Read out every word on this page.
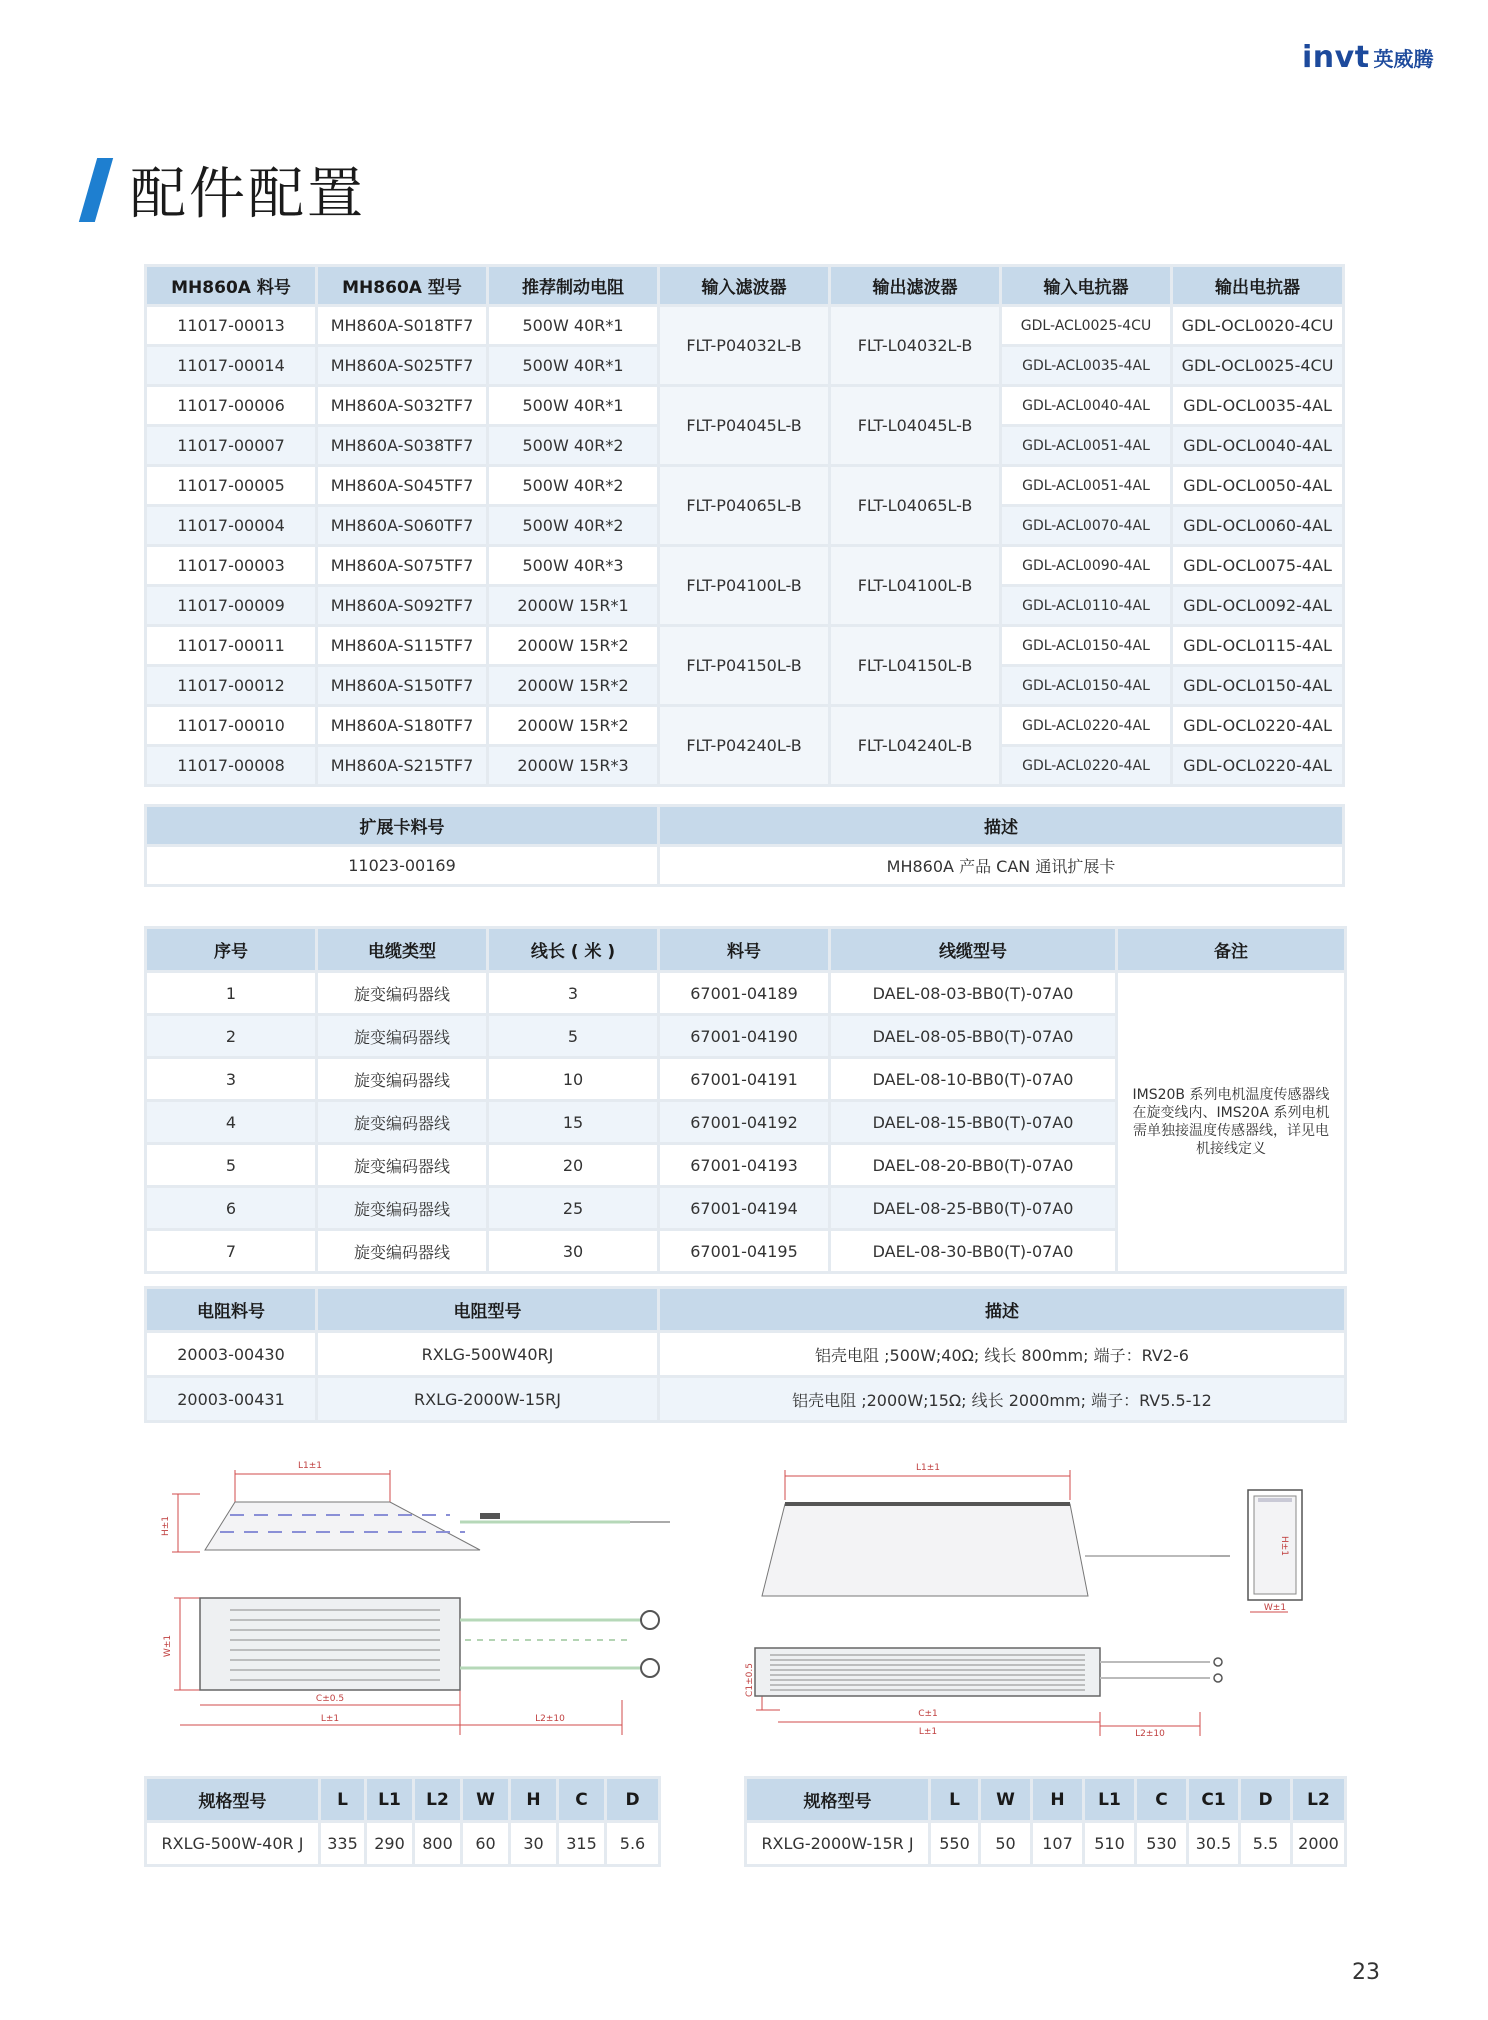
invt 英威腾
配件配置
MH860A 料号	MH860A 型号	推荐制动电阻	输入滤波器	输出滤波器	输入电抗器	输出电抗器
11017-00013	MH860A-S018TF7	500W 40R*1	FLT-P04032L-B	FLT-L04032L-B	GDL-ACL0025-4CU	GDL-OCL0020-4CU
11017-00014	MH860A-S025TF7	500W 40R*1			GDL-ACL0035-4AL	GDL-OCL0025-4CU
11017-00006	MH860A-S032TF7	500W 40R*1	FLT-P04045L-B	FLT-L04045L-B	GDL-ACL0040-4AL	GDL-OCL0035-4AL
11017-00007	MH860A-S038TF7	500W 40R*2			GDL-ACL0051-4AL	GDL-OCL0040-4AL
11017-00005	MH860A-S045TF7	500W 40R*2	FLT-P04065L-B	FLT-L04065L-B	GDL-ACL0051-4AL	GDL-OCL0050-4AL
11017-00004	MH860A-S060TF7	500W 40R*2			GDL-ACL0070-4AL	GDL-OCL0060-4AL
11017-00003	MH860A-S075TF7	500W 40R*3	FLT-P04100L-B	FLT-L04100L-B	GDL-ACL0090-4AL	GDL-OCL0075-4AL
11017-00009	MH860A-S092TF7	2000W 15R*1			GDL-ACL0110-4AL	GDL-OCL0092-4AL
11017-00011	MH860A-S115TF7	2000W 15R*2	FLT-P04150L-B	FLT-L04150L-B	GDL-ACL0150-4AL	GDL-OCL0115-4AL
11017-00012	MH860A-S150TF7	2000W 15R*2			GDL-ACL0150-4AL	GDL-OCL0150-4AL
11017-00010	MH860A-S180TF7	2000W 15R*2	FLT-P04240L-B	FLT-L04240L-B	GDL-ACL0220-4AL	GDL-OCL0220-4AL
11017-00008	MH860A-S215TF7	2000W 15R*3			GDL-ACL0220-4AL	GDL-OCL0220-4AL
扩展卡料号	描述
11023-00169	MH860A 产品 CAN 通讯扩展卡
序号	电缆类型	线长 ( 米 )	料号	线缆型号	备注
1	旋变编码器线	3	67001-04189	DAEL-08-03-BB0(T)-07A0	IMS20B 系列电机温度传感器线在旋变线内、IMS20A 系列电机需单独接温度传感器线，详见电机接线定义
2	旋变编码器线	5	67001-04190	DAEL-08-05-BB0(T)-07A0	
3	旋变编码器线	10	67001-04191	DAEL-08-10-BB0(T)-07A0	
4	旋变编码器线	15	67001-04192	DAEL-08-15-BB0(T)-07A0	
5	旋变编码器线	20	67001-04193	DAEL-08-20-BB0(T)-07A0	
6	旋变编码器线	25	67001-04194	DAEL-08-25-BB0(T)-07A0	
7	旋变编码器线	30	67001-04195	DAEL-08-30-BB0(T)-07A0	
电阻料号	电阻型号	描述
20003-00430	RXLG-500W40RJ	铝壳电阻 ;500W;40Ω; 线长 800mm; 端子：RV2-6
20003-00431	RXLG-2000W-15RJ	铝壳电阻 ;2000W;15Ω; 线长 2000mm; 端子：RV5.5-12
L1±1
H±1
W±1
C±0.5
L±1	L2±10
L1±1
H±1
W±1
C1±0.5
C±1
L±1	L2±10
规格型号	L	L1	L2	W	H	C	D
RXLG-500W-40R J	335	290	800	60	30	315	5.6
规格型号	L	W	H	L1	C	C1	D	L2
RXLG-2000W-15R J	550	50	107	510	530	30.5	5.5	2000
23
